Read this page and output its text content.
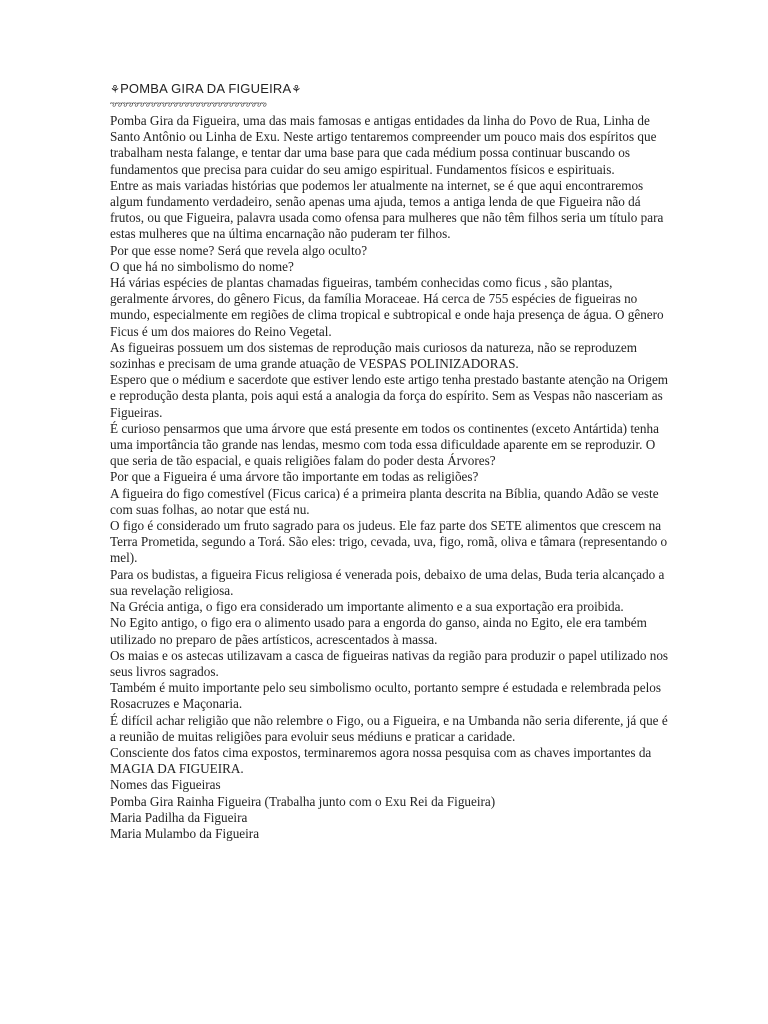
⚘POMBA GIRA DA FIGUEIRA⚘
ఌఌఌఌఌఌఌఌఌఌఌఌఌఌఌఌఌఌఌఌఌఌఌఌఌఌఌఌ

Pomba Gira da Figueira, uma das mais famosas e antigas entidades da linha do Povo de Rua, Linha de Santo Antônio ou Linha de Exu. Neste artigo tentaremos compreender um pouco mais dos espíritos que trabalham nesta falange, e tentar dar uma base para que cada médium possa continuar buscando os fundamentos que precisa para cuidar do seu amigo espiritual. Fundamentos físicos e espirituais.

Entre as mais variadas histórias que podemos ler atualmente na internet, se é que aqui encontraremos algum fundamento verdadeiro, senão apenas uma ajuda, temos a antiga lenda de que Figueira não dá frutos, ou que Figueira, palavra usada como ofensa para mulheres que não têm filhos seria um título para estas mulheres que na última encarnação não puderam ter filhos.

Por que esse nome? Será que revela algo oculto?

O que há no simbolismo do nome?

Há várias espécies de plantas chamadas figueiras, também conhecidas como ficus , são plantas, geralmente árvores, do gênero Ficus, da família Moraceae. Há cerca de 755 espécies de figueiras no mundo, especialmente em regiões de clima tropical e subtropical e onde haja presença de água. O gênero Ficus é um dos maiores do Reino Vegetal.

As figueiras possuem um dos sistemas de reprodução mais curiosos da natureza, não se reproduzem sozinhas e precisam de uma grande atuação de VESPAS POLINIZADORAS.

Espero que o médium e sacerdote que estiver lendo este artigo tenha prestado bastante atenção na Origem e reprodução desta planta, pois aqui está a analogia da força do espírito. Sem as Vespas não nasceriam as Figueiras.

É curioso pensarmos que uma árvore que está presente em todos os continentes (exceto Antártida) tenha uma importância tão grande nas lendas, mesmo com toda essa dificuldade aparente em se reproduzir. O que seria de tão espacial, e quais religiões falam do poder desta Árvores?

Por que a Figueira é uma árvore tão importante em todas as religiões?

A figueira do figo comestível (Ficus carica) é a primeira planta descrita na Bíblia, quando Adão se veste com suas folhas, ao notar que está nu.

O figo é considerado um fruto sagrado para os judeus. Ele faz parte dos SETE alimentos que crescem na Terra Prometida, segundo a Torá. São eles: trigo, cevada, uva, figo, romã, oliva e tâmara (representando o mel).

Para os budistas, a figueira Ficus religiosa é venerada pois, debaixo de uma delas, Buda teria alcançado a sua revelação religiosa.

Na Grécia antiga, o figo era considerado um importante alimento e a sua exportação era proibida.

No Egito antigo, o figo era o alimento usado para a engorda do ganso, ainda no Egito, ele era também utilizado no preparo de pães artísticos, acrescentados à massa.

Os maias e os astecas utilizavam a casca de figueiras nativas da região para produzir o papel utilizado nos seus livros sagrados.

Também é muito importante pelo seu simbolismo oculto, portanto sempre é estudada e relembrada pelos Rosacruzes e Maçonaria.

É difícil achar religião que não relembre o Figo, ou a Figueira, e na Umbanda não seria diferente, já que é a reunião de muitas religiões para evoluir seus médiuns e praticar a caridade.

Consciente dos fatos cima expostos, terminaremos agora nossa pesquisa com as chaves importantes da MAGIA DA FIGUEIRA.

Nomes das Figueiras

Pomba Gira Rainha Figueira (Trabalha junto com o Exu Rei da Figueira)

Maria Padilha da Figueira

Maria Mulambo da Figueira
